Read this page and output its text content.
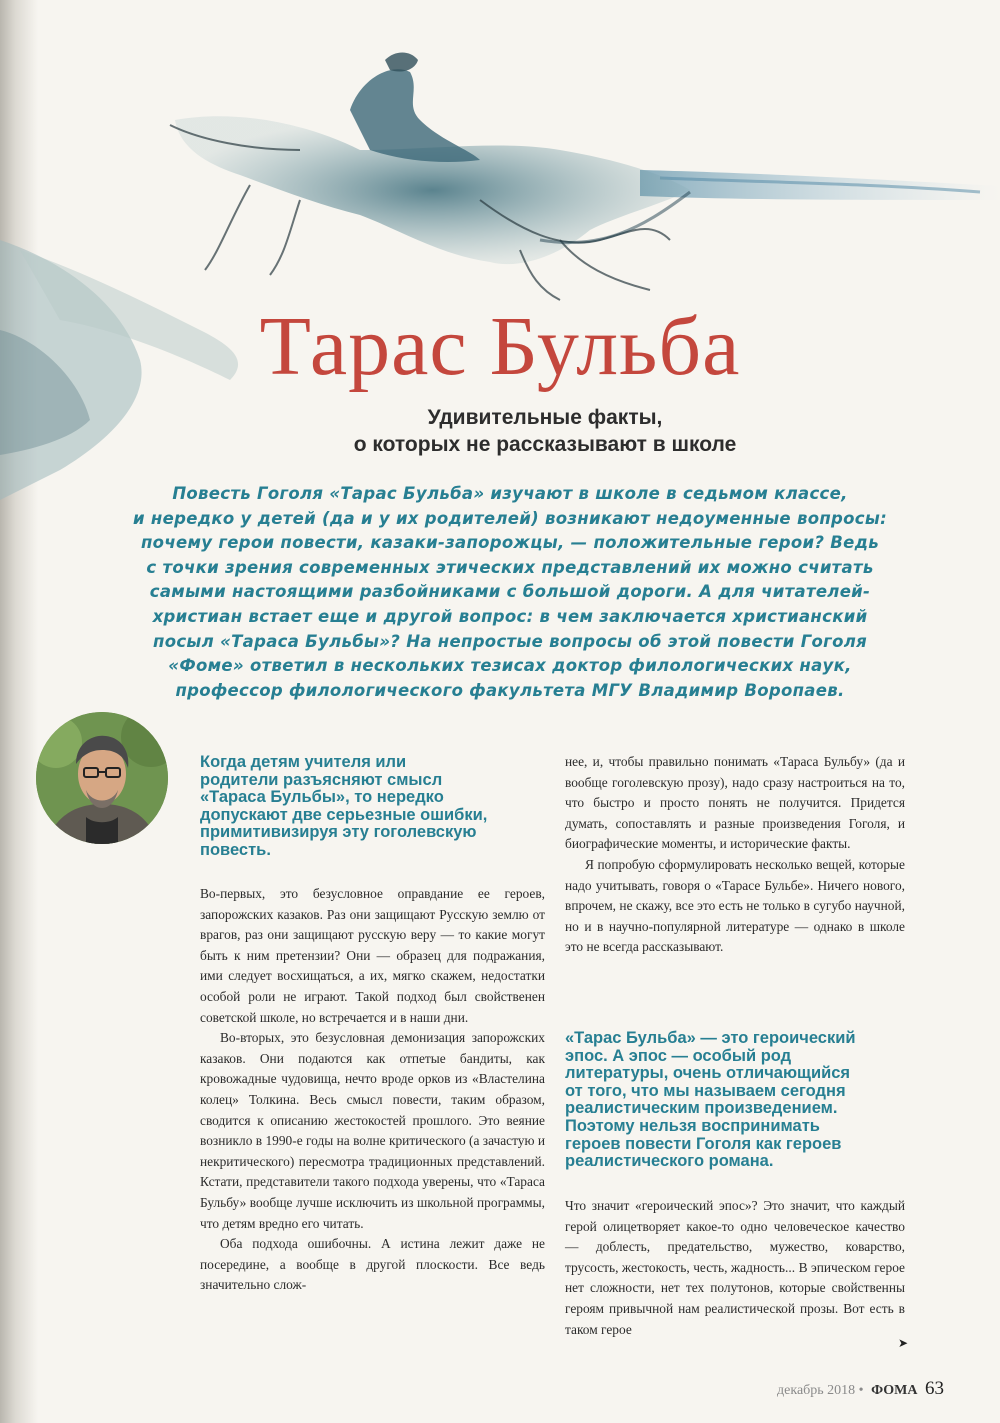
Тарас Бульба
Удивительные факты,
о которых не рассказывают в школе
Повесть Гоголя «Тарас Бульба» изучают в школе в седьмом классе,
и нередко у детей (да и у их родителей) возникают недоуменные вопросы:
почему герои повести, казаки-запорожцы, — положительные герои? Ведь
с точки зрения современных этических представлений их можно считать
самыми настоящими разбойниками с большой дороги. А для читателей-
христиан встает еще и другой вопрос: в чем заключается христианский
посыл «Тараса Бульбы»? На непростые вопросы об этой повести Гоголя
«Фоме» ответил в нескольких тезисах доктор филологических наук,
профессор филологического факультета МГУ Владимир Воропаев.
Когда детям учителя или
родители разъясняют смысл
«Тараса Бульбы», то нередко
допускают две серьезные ошибки,
примитивизируя эту гоголевскую
повесть.

Во-первых, это безусловное оправдание ее героев, запорожских казаков. Раз они защищают Русскую землю от врагов, раз они защищают русскую веру — то какие могут быть к ним претензии? Они — образец для подражания, ими следует восхищаться, а их, мягко скажем, недостатки особой роли не играют. Такой подход был свойственен советской школе, но встречается и в наши дни.

Во-вторых, это безусловная демонизация запорожских казаков. Они подаются как отпетые бандиты, как кровожадные чудовища, нечто вроде орков из «Властелина колец» Толкина. Весь смысл повести, таким образом, сводится к описанию жестокостей прошлого. Это веяние возникло в 1990-е годы на волне критического (а зачастую и некритического) пересмотра традиционных представлений. Кстати, представители такого подхода уверены, что «Тараса Бульбу» вообще лучше исключить из школьной программы, что детям вредно его читать.

Оба подхода ошибочны. А истина лежит даже не посередине, а вообще в другой плоскости. Все ведь значительно слож-

нее, и, чтобы правильно понимать «Тараса Бульбу» (да и вообще гоголевскую прозу), надо сразу настроиться на то, что быстро и просто понять не получится. Придется думать, сопоставлять и разные произведения Гоголя, и биографические моменты, и исторические факты.

Я попробую сформулировать несколько вещей, которые надо учитывать, говоря о «Тарасе Бульбе». Ничего нового, впрочем, не скажу, все это есть не только в сугубо научной, но и в научно-популярной литературе — однако в школе это не всегда рассказывают.

«Тарас Бульба» — это героический
эпос. А эпос — особый род
литературы, очень отличающийся
от того, что мы называем сегодня
реалистическим произведением.
Поэтому нельзя воспринимать
героев повести Гоголя как героев
реалистического романа.

Что значит «героический эпос»? Это значит, что каждый герой олицетворяет какое-то одно человеческое качество — доблесть, предательство, мужество, коварство, трусость, жестокость, честь, жадность... В эпическом герое нет сложности, нет тех полутонов, которые свойственны героям привычной нам реалистической прозы. Вот есть в таком герое

➤
декабрь 2018 • ФОМА 63
